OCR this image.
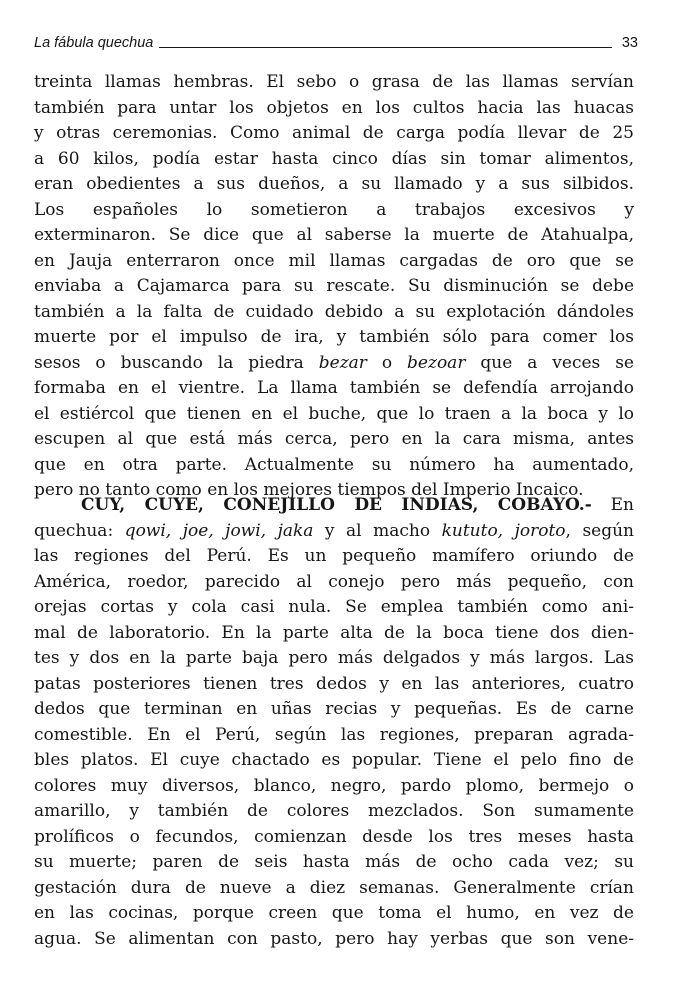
La fábula quechua	33
treinta llamas hembras. El sebo o grasa de las llamas servían
también para untar los objetos en los cultos hacia las huacas
y otras ceremonias. Como animal de carga podía llevar de 25
a 60 kilos, podía estar hasta cinco días sin tomar alimentos,
eran obedientes a sus dueños, a su llamado y a sus silbidos.
Los españoles lo sometieron a trabajos excesivos y
exterminaron. Se dice que al saberse la muerte de Atahualpa,
en Jauja enterraron once mil llamas cargadas de oro que se
enviaba a Cajamarca para su rescate. Su disminución se debe
también a la falta de cuidado debido a su explotación dándoles
muerte por el impulso de ira, y también sólo para comer los
sesos o buscando la piedra bezar o bezoar que a veces se
formaba en el vientre. La llama también se defendía arrojando
el estiércol que tienen en el buche, que lo traen a la boca y lo
escupen al que está más cerca, pero en la cara misma, antes
que en otra parte. Actualmente su número ha aumentado,
pero no tanto como en los mejores tiempos del Imperio Incaico.
CUY, CUYE, CONEJILLO DE INDIAS, COBAYO.- En
quechua: qowi, joe, jowi, jaka y al macho kututo, joroto, según
las regiones del Perú. Es un pequeño mamífero oriundo de
América, roedor, parecido al conejo pero más pequeño, con
orejas cortas y cola casi nula. Se emplea también como ani-
mal de laboratorio. En la parte alta de la boca tiene dos dien-
tes y dos en la parte baja pero más delgados y más largos. Las
patas posteriores tienen tres dedos y en las anteriores, cuatro
dedos que terminan en uñas recias y pequeñas. Es de carne
comestible. En el Perú, según las regiones, preparan agrada-
bles platos. El cuye chactado es popular. Tiene el pelo fino de
colores muy diversos, blanco, negro, pardo plomo, bermejo o
amarillo, y también de colores mezclados. Son sumamente
prolíficos o fecundos, comienzan desde los tres meses hasta
su muerte; paren de seis hasta más de ocho cada vez; su
gestación dura de nueve a diez semanas. Generalmente crían
en las cocinas, porque creen que toma el humo, en vez de
agua. Se alimentan con pasto, pero hay yerbas que son vene-
